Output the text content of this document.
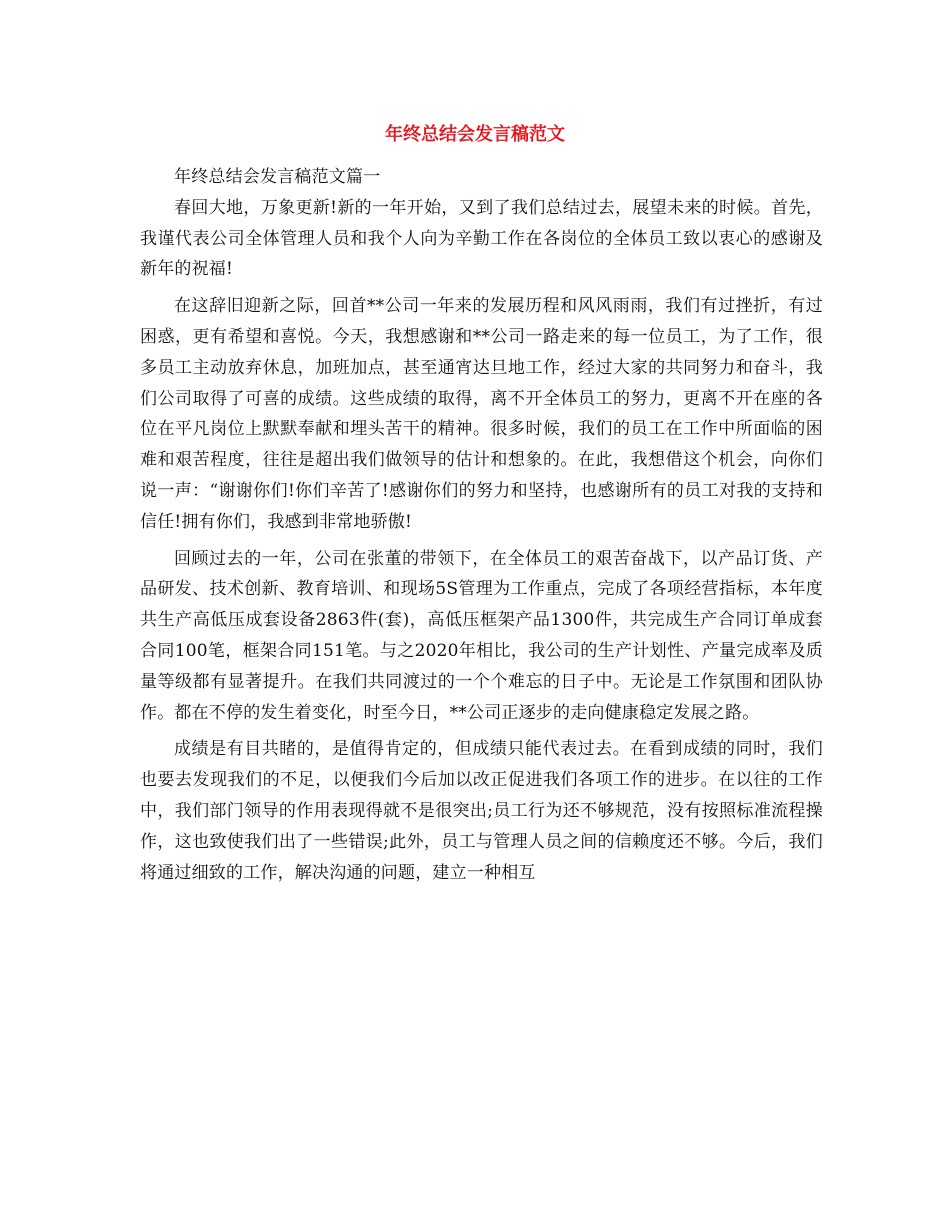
年终总结会发言稿范文

年终总结会发言稿范文篇一

春回大地，万象更新!新的一年开始，又到了我们总结过去，展望未来的时候。首先，我谨代表公司全体管理人员和我个人向为辛勤工作在各岗位的全体员工致以衷心的感谢及新年的祝福!

在这辞旧迎新之际，回首**公司一年来的发展历程和风风雨雨，我们有过挫折，有过困惑，更有希望和喜悦。今天，我想感谢和**公司一路走来的每一位员工，为了工作，很多员工主动放弃休息，加班加点，甚至通宵达旦地工作，经过大家的共同努力和奋斗，我们公司取得了可喜的成绩。这些成绩的取得，离不开全体员工的努力，更离不开在座的各位在平凡岗位上默默奉献和埋头苦干的精神。很多时候，我们的员工在工作中所面临的困难和艰苦程度，往往是超出我们做领导的估计和想象的。在此，我想借这个机会，向你们说一声：“谢谢你们!你们辛苦了!感谢你们的努力和坚持，也感谢所有的员工对我的支持和信任!拥有你们，我感到非常地骄傲!

回顾过去的一年，公司在张董的带领下，在全体员工的艰苦奋战下，以产品订货、产品研发、技术创新、教育培训、和现场5S管理为工作重点，完成了各项经营指标，本年度共生产高低压成套设备2863件(套)，高低压框架产品1300件，共完成生产合同订单成套合同100笔，框架合同151笔。与之2020年相比，我公司的生产计划性、产量完成率及质量等级都有显著提升。在我们共同渡过的一个个难忘的日子中。无论是工作氛围和团队协作。都在不停的发生着变化，时至今日，**公司正逐步的走向健康稳定发展之路。

成绩是有目共睹的，是值得肯定的，但成绩只能代表过去。在看到成绩的同时，我们也要去发现我们的不足，以便我们今后加以改正促进我们各项工作的进步。在以往的工作中，我们部门领导的作用表现得就不是很突出;员工行为还不够规范，没有按照标准流程操作，这也致使我们出了一些错误;此外，员工与管理人员之间的信赖度还不够。今后，我们将通过细致的工作，解决沟通的问题，建立一种相互
